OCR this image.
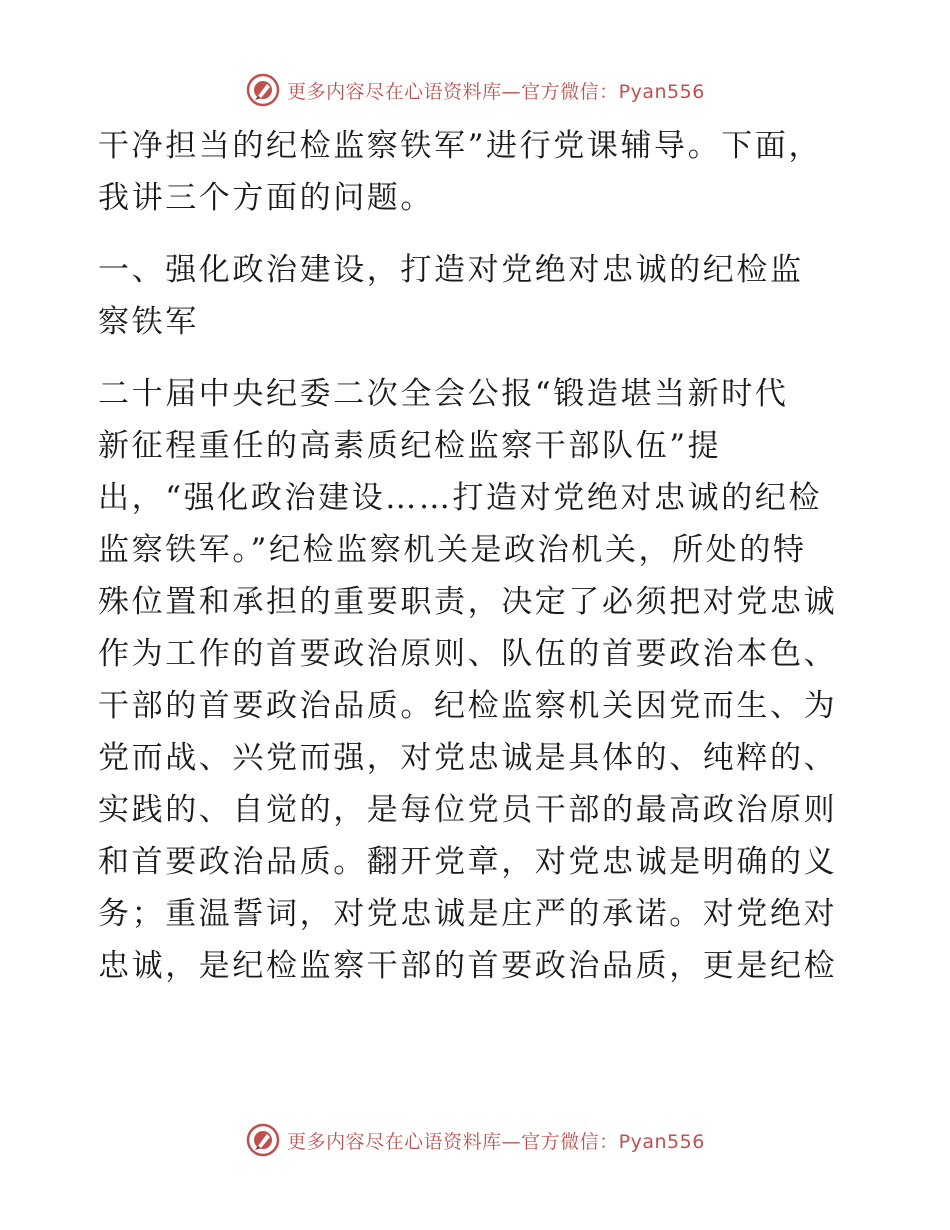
更多内容尽在心语资料库—官方微信：Pyan556
干净担当的纪检监察铁军”进行党课辅导。下面，
我讲三个方面的问题。
一、强化政治建设，打造对党绝对忠诚的纪检监
察铁军
二十届中央纪委二次全会公报“锻造堪当新时代
新征程重任的高素质纪检监察干部队伍”提
出，“强化政治建设……打造对党绝对忠诚的纪检
监察铁军。”纪检监察机关是政治机关，所处的特
殊位置和承担的重要职责，决定了必须把对党忠诚
作为工作的首要政治原则、队伍的首要政治本色、
干部的首要政治品质。纪检监察机关因党而生、为
党而战、兴党而强，对党忠诚是具体的、纯粹的、
实践的、自觉的，是每位党员干部的最高政治原则
和首要政治品质。翻开党章，对党忠诚是明确的义
务；重温誓词，对党忠诚是庄严的承诺。对党绝对
忠诚，是纪检监察干部的首要政治品质，更是纪检
更多内容尽在心语资料库—官方微信：Pyan556
